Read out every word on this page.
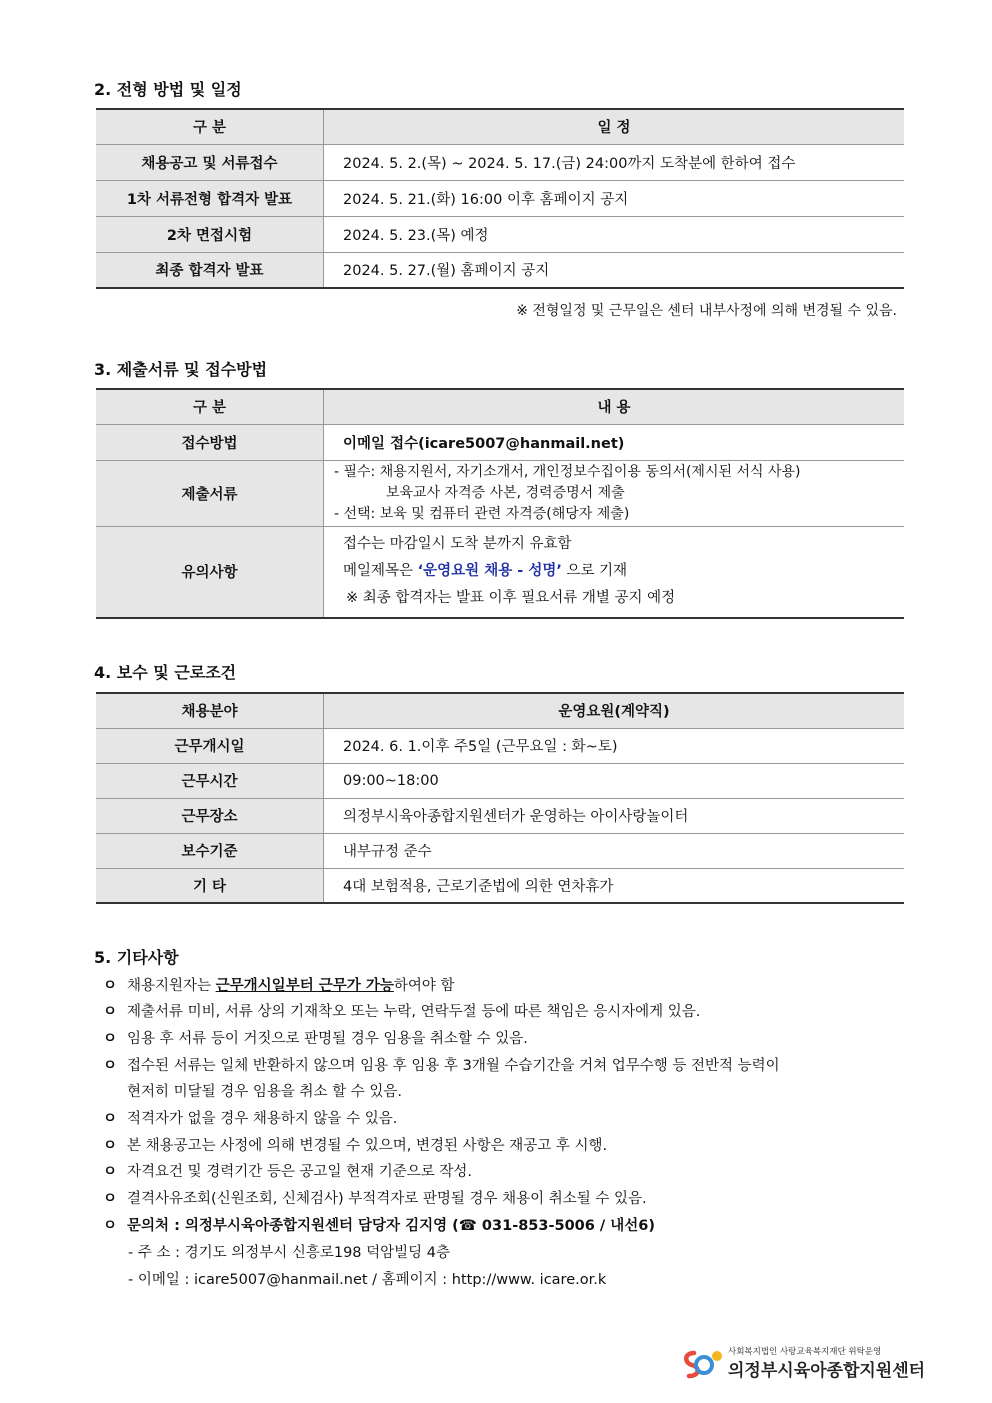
2. 전형 방법 및 일정
구 분	일 정
채용공고 및 서류접수	2024. 5. 2.(목) ~ 2024. 5. 17.(금) 24:00까지 도착분에 한하여 접수
1차 서류전형 합격자 발표	2024. 5. 21.(화) 16:00 이후 홈페이지 공지
2차 면접시험	2024. 5. 23.(목) 예정
최종 합격자 발표	2024. 5. 27.(월) 홈페이지 공지
※ 전형일정 및 근무일은 센터 내부사정에 의해 변경될 수 있음.
3. 제출서류 및 접수방법
구 분	내 용
접수방법	이메일 접수(icare5007@hanmail.net)
제출서류	- 필수: 채용지원서, 자기소개서, 개인정보수집이용 동의서(제시된 서식 사용)
보육교사 자격증 사본, 경력증명서 제출
- 선택: 보육 및 컴퓨터 관련 자격증(해당자 제출)

유의사항	접수는 마감일시 도착 분까지 유효함
메일제목은 ‘운영요원 채용 - 성명’ 으로 기재
※ 최종 합격자는 발표 이후 필요서류 개별 공지 예정
4. 보수 및 근로조건
채용분야	운영요원(계약직)
근무개시일	2024. 6. 1.이후 주5일 (근무요일 : 화~토)
근무시간	09:00~18:00
근무장소	의정부시육아종합지원센터가 운영하는 아이사랑놀이터
보수기준	내부규정 준수
기 타	4대 보험적용, 근로기준법에 의한 연차휴가
5. 기타사항
ㅇ 채용지원자는 근무개시일부터 근무가 가능하여야 함
ㅇ 제출서류 미비, 서류 상의 기재착오 또는 누락, 연락두절 등에 따른 책임은 응시자에게 있음.
ㅇ 임용 후 서류 등이 거짓으로 판명될 경우 임용을 취소할 수 있음.
ㅇ 접수된 서류는 일체 반환하지 않으며 임용 후 임용 후 3개월 수습기간을 거쳐 업무수행 등 전반적 능력이
현저히 미달될 경우 임용을 취소 할 수 있음.
ㅇ 적격자가 없을 경우 채용하지 않을 수 있음.
ㅇ 본 채용공고는 사정에 의해 변경될 수 있으며, 변경된 사항은 재공고 후 시행.
ㅇ 자격요건 및 경력기간 등은 공고일 현재 기준으로 작성.
ㅇ 결격사유조회(신원조회, 신체검사) 부적격자로 판명될 경우 채용이 취소될 수 있음.
ㅇ 문의처 : 의정부시육아종합지원센터 담당자 김지영 (☎ 031-853-5006 / 내선6)
- 주 소 : 경기도 의정부시 신흥로198 덕암빌딩 4층
- 이메일 : icare5007@hanmail.net / 홈페이지 : http://www. icare.or.k
사회복지법인 사랑교육복지재단 위탁운영
의정부시육아종합지원센터
